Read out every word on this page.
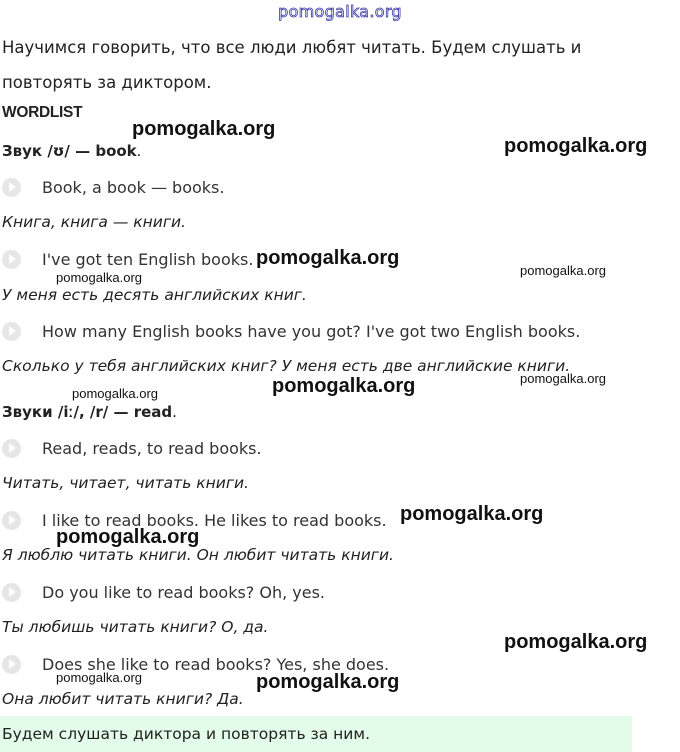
pomogalka.org
Научимся говорить, что все люди любят читать. Будем слушать и повторять за диктором.
WORDLIST
Звук /ʊ/ — book.
Book, a book — books.
Книга, книга — книги.
I've got ten English books.
У меня есть десять английских книг.
How many English books have you got? I've got two English books.
Сколько у тебя английских книг? У меня есть две английские книги.
Звуки /iː/, /r/ — read.
Read, reads, to read books.
Читать, читает, читать книги.
I like to read books. He likes to read books.
Я люблю читать книги. Он любит читать книги.
Do you like to read books? Oh, yes.
Ты любишь читать книги? О, да.
Does she like to read books? Yes, she does.
Она любит читать книги? Да.
pomogalka.org
pomogalka.org
pomogalka.org
pomogalka.org	pomogalka.org
pomogalka.org
pomogalka.org
pomogalka.org
pomogalka.org
pomogalka.org
pomogalka.org
pomogalka.org
pomogalka.org
Будем слушать диктора и повторять за ним.
